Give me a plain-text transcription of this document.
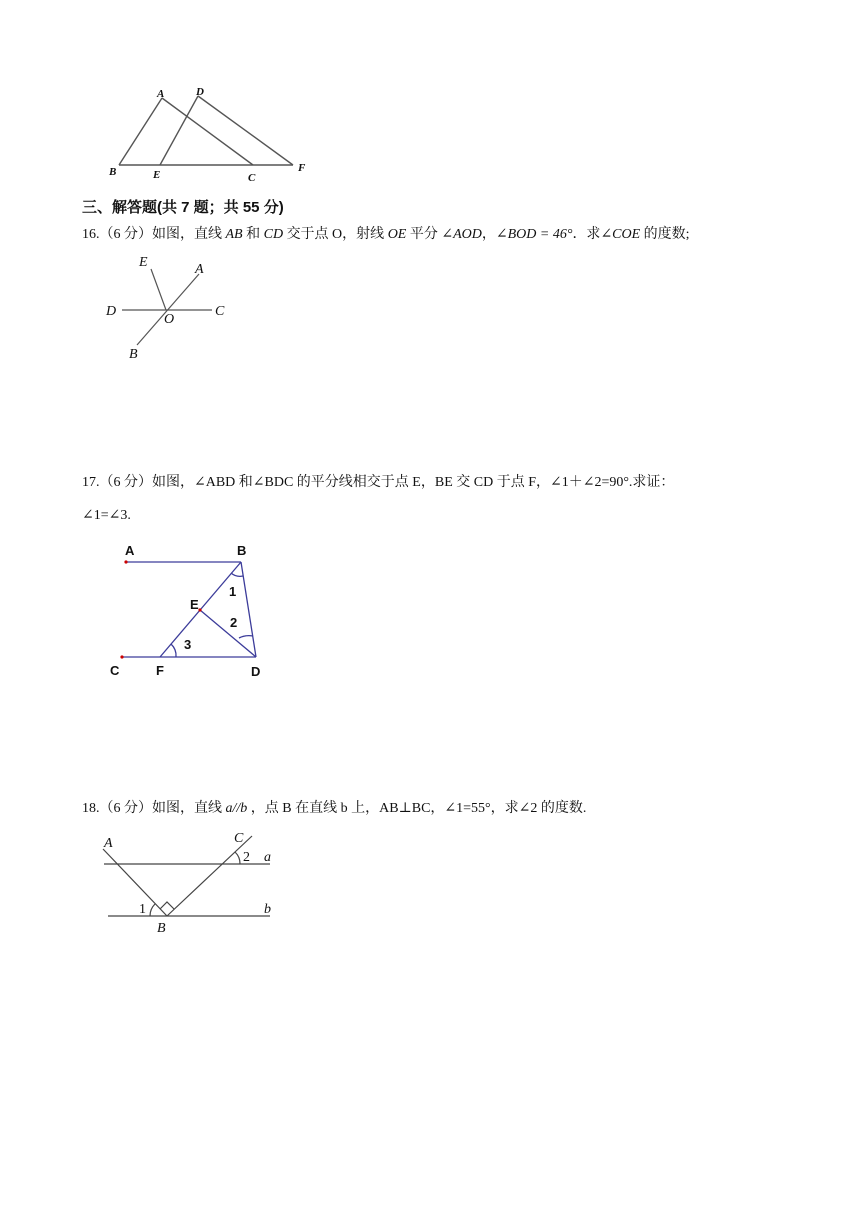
A	D
B	E	C
F
三、解答题(共 7 题；共 55 分)
16.（6 分）如图，直线 AB 和 CD 交于点 O，射线 OE 平分 ∠AOD，∠BOD = 46°．求∠COE 的度数;
E	A
D
O
C
B
17.（6 分）如图，∠ABD 和∠BDC 的平分线相交于点 E，BE 交 CD 于点 F，∠1＋∠2=90°.求证：
∠1=∠3.
A	B
E
C	F	D
1
2
3
18.（6 分）如图，直线 a//b ，点 B 在直线 b 上，AB⊥BC，∠1=55°，求∠2 的度数.
A	C
a
b
B
1
2
